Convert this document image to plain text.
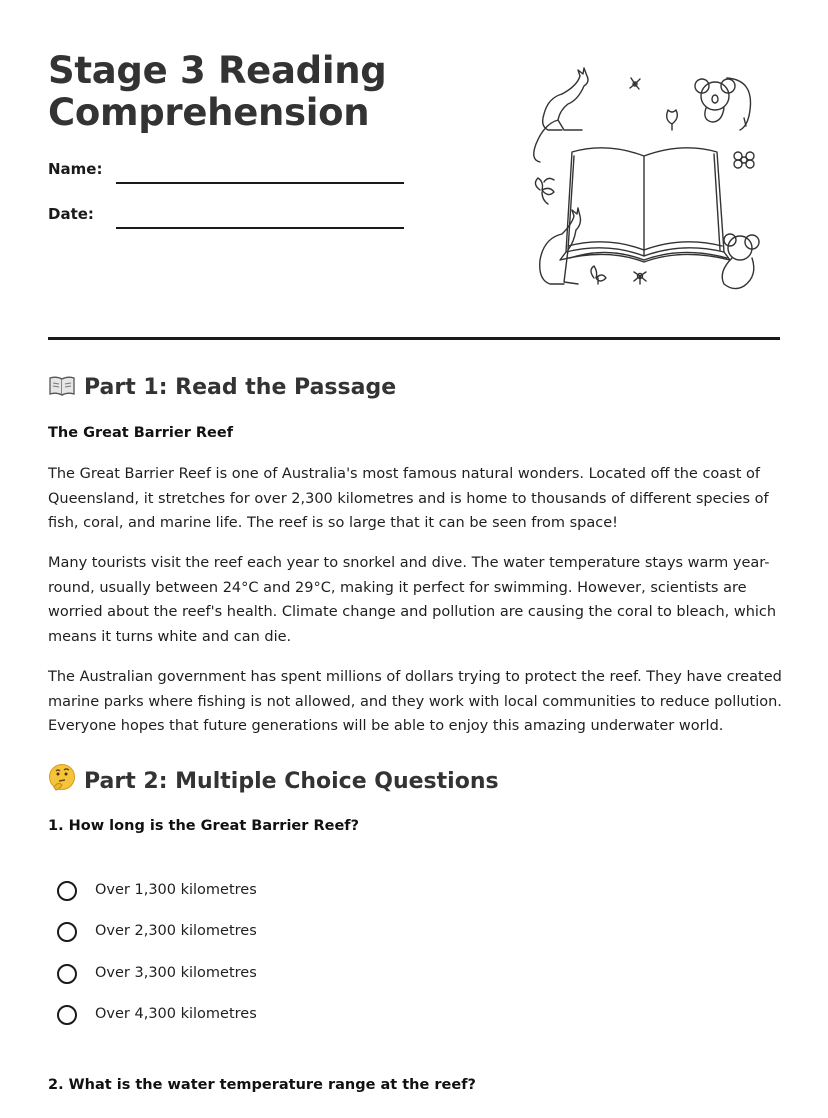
Stage 3 Reading
Comprehension
Name:
Date:
Part 1: Read the Passage
The Great Barrier Reef

The Great Barrier Reef is one of Australia's most famous natural wonders. Located off the coast of Queensland, it stretches for over 2,300 kilometres and is home to thousands of different species of fish, coral, and marine life. The reef is so large that it can be seen from space!

Many tourists visit the reef each year to snorkel and dive. The water temperature stays warm year-round, usually between 24°C and 29°C, making it perfect for swimming. However, scientists are worried about the reef's health. Climate change and pollution are causing the coral to bleach, which means it turns white and can die.

The Australian government has spent millions of dollars trying to protect the reef. They have created marine parks where fishing is not allowed, and they work with local communities to reduce pollution. Everyone hopes that future generations will be able to enjoy this amazing underwater world.

Part 2: Multiple Choice Questions
1. How long is the Great Barrier Reef?
Over 1,300 kilometres
Over 2,300 kilometres
Over 3,300 kilometres
Over 4,300 kilometres
2. What is the water temperature range at the reef?
